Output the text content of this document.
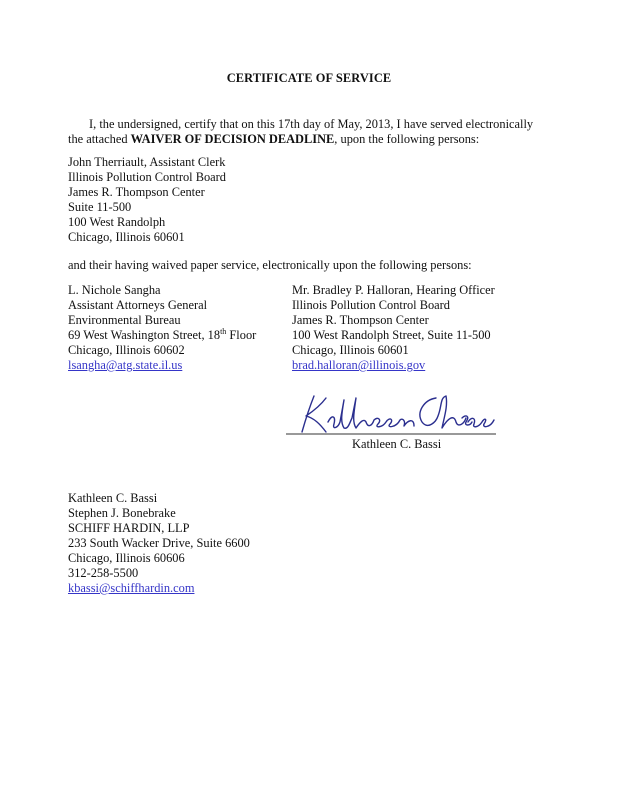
CERTIFICATE OF SERVICE
I, the undersigned, certify that on this 17th day of May, 2013, I have served electronically
the attached WAIVER OF DECISION DEADLINE, upon the following persons:
John Therriault, Assistant Clerk
Illinois Pollution Control Board
James R. Thompson Center
Suite 11-500
100 West Randolph
Chicago, Illinois 60601
and their having waived paper service, electronically upon the following persons:
L. Nichole Sangha
Assistant Attorneys General
Environmental Bureau
69 West Washington Street, 18th Floor
Chicago, Illinois 60602
lsangha@atg.state.il.us
Mr. Bradley P. Halloran, Hearing Officer
Illinois Pollution Control Board
James R. Thompson Center
100 West Randolph Street, Suite 11-500
Chicago, Illinois 60601
brad.halloran@illinois.gov
Kathleen C. Bassi
Kathleen C. Bassi
Stephen J. Bonebrake
SCHIFF HARDIN, LLP
233 South Wacker Drive, Suite 6600
Chicago, Illinois 60606
312-258-5500
kbassi@schiffhardin.com
